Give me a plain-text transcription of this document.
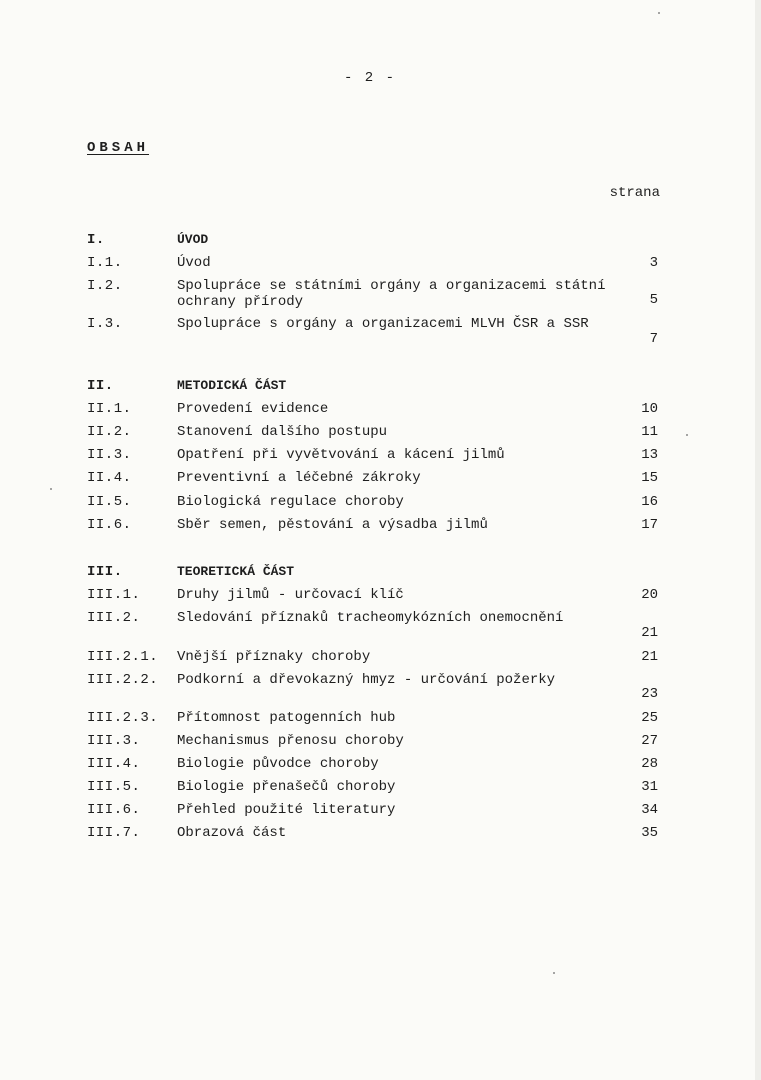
- 2 -
OBSAH
strana
I.	ÚVOD
I.1.	Úvod	3
I.2.	Spolupráce se státními orgány a organizacemi státní ochrany přírody	5
I.3.	Spolupráce s orgány a organizacemi MLVH ČSR a SSR
7
II.	METODICKÁ ČÁST
II.1.	Provedení evidence	10
II.2.	Stanovení dalšího postupu	11
II.3.	Opatření při vyvětvování a kácení jilmů	13
II.4.	Preventivní a léčebné zákroky	15
II.5.	Biologická regulace choroby	16
II.6.	Sběr semen, pěstování a výsadba jilmů	17
III.	TEORETICKÁ ČÁST
III.1.	Druhy jilmů - určovací klíč	20
III.2.	Sledování příznaků tracheomykózních onemocnění
21
III.2.1. Vnější příznaky choroby	21
III.2.2. Podkorní a dřevokazný hmyz - určování požerky
23
III.2.3. Přítomnost patogenních hub	25
III.3.	Mechanismus přenosu choroby	27
III.4.	Biologie původce choroby	28
III.5.	Biologie přenašečů choroby	31
III.6.	Přehled použité literatury	34
III.7.	Obrazová část	35
